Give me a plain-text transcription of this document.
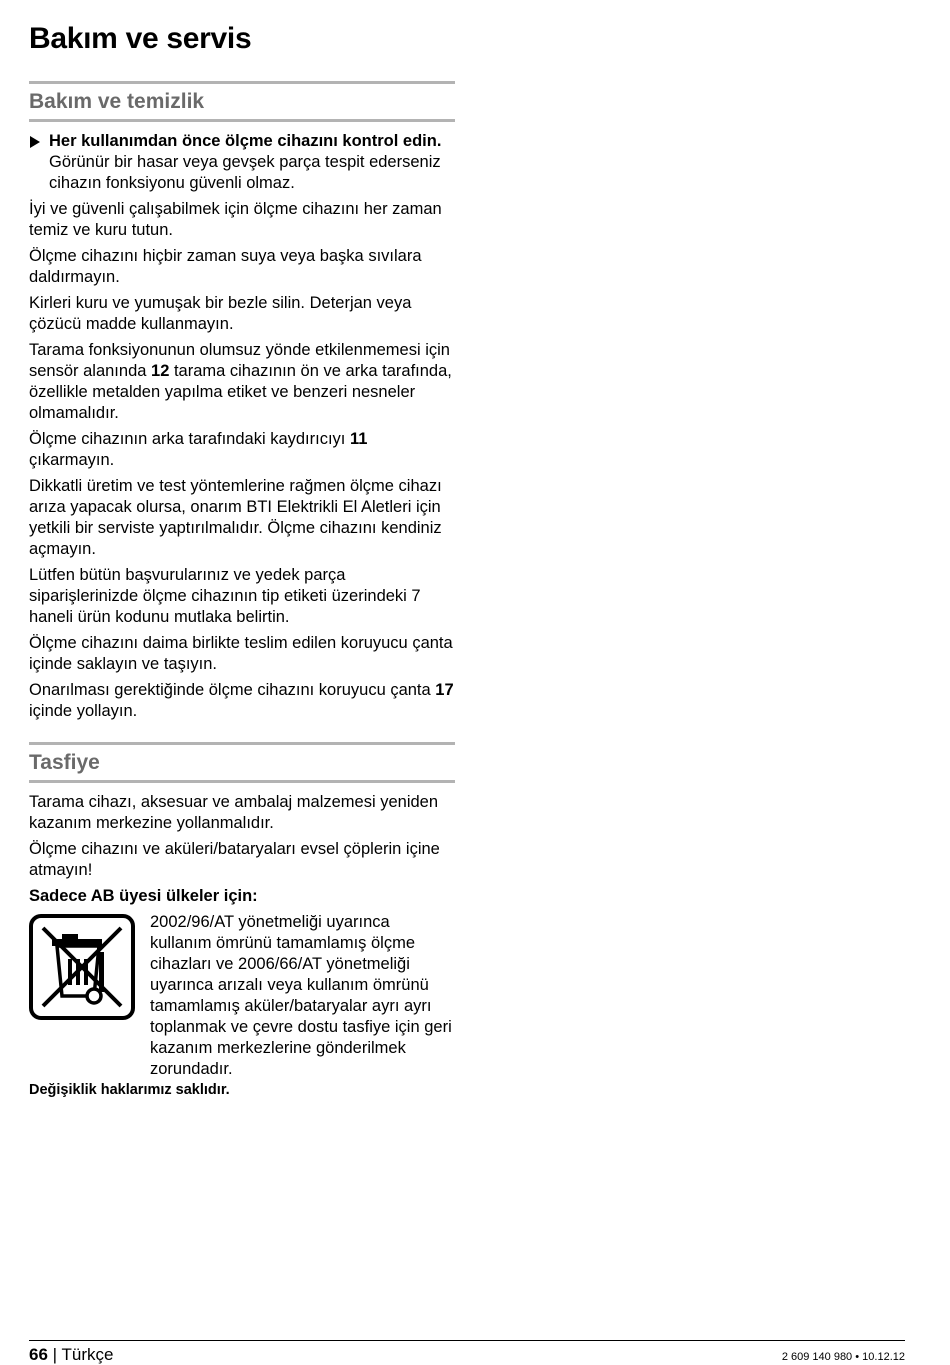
Bakım ve servis
Bakım ve temizlik

Her kullanımdan önce ölçme cihazını kontrol edin. Görünür bir hasar veya gevşek parça tespit ederseniz cihazın fonksiyonu güvenli olmaz.

İyi ve güvenli çalışabilmek için ölçme cihazını her zaman temiz ve kuru tutun.

Ölçme cihazını hiçbir zaman suya veya başka sıvılara daldırmayın.

Kirleri kuru ve yumuşak bir bezle silin. Deterjan veya çözücü madde kullanmayın.

Tarama fonksiyonunun olumsuz yönde etkilenmemesi için sensör alanında 12 tarama cihazının ön ve arka tarafında, özellikle metalden yapılma etiket ve benzeri nesneler olmamalıdır.

Ölçme cihazının arka tarafındaki kaydırıcıyı 11 çıkarmayın.

Dikkatli üretim ve test yöntemlerine rağmen ölçme cihazı arıza yapacak olursa, onarım BTI Elektrikli El Aletleri için yetkili bir serviste yaptırılmalıdır. Ölçme cihazını kendiniz açmayın.

Lütfen bütün başvurularınız ve yedek parça siparişlerinizde ölçme cihazının tip etiketi üzerindeki 7 haneli ürün kodunu mutlaka belirtin.

Ölçme cihazını daima birlikte teslim edilen koruyucu çanta içinde saklayın ve taşıyın.

Onarılması gerektiğinde ölçme cihazını koruyucu çanta 17 içinde yollayın.

Tasfiye

Tarama cihazı, aksesuar ve ambalaj malzemesi yeniden kazanım merkezine yollanmalıdır.

Ölçme cihazını ve aküleri/bataryaları evsel çöplerin içine atmayın!

Sadece AB üyesi ülkeler için:

2002/96/AT yönetmeliği uyarınca kullanım ömrünü tamamlamış ölçme cihazları ve 2006/66/AT yönetmeliği uyarınca arızalı veya kullanım ömrünü tamamlamış aküler/bataryalar ayrı ayrı toplanmak ve çevre dostu tasfiye için geri kazanım merkezlerine gönderilmek zorundadır.

Değişiklik haklarımız saklıdır.

66 | Türkçe	2 609 140 980 • 10.12.12
